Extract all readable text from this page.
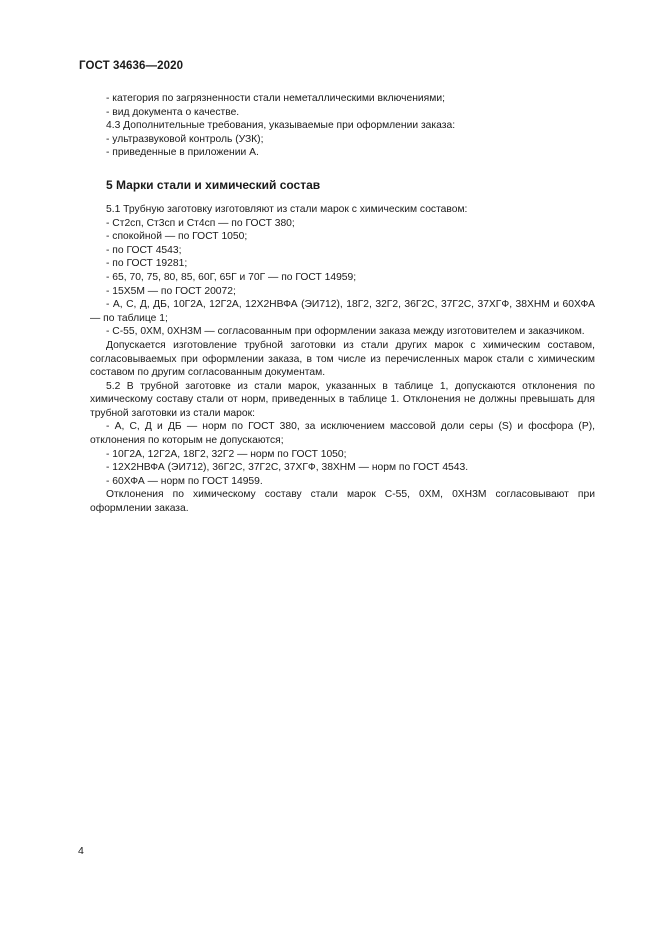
ГОСТ 34636—2020

- категория по загрязненности стали неметаллическими включениями;

- вид документа о качестве.

4.3 Дополнительные требования, указываемые при оформлении заказа:

- ультразвуковой контроль (УЗК);

- приведенные в приложении А.

5 Марки стали и химический состав

5.1 Трубную заготовку изготовляют из стали марок с химическим составом:

- Ст2сп, Ст3сп и Ст4сп — по ГОСТ 380;

- спокойной — по ГОСТ 1050;

- по ГОСТ 4543;

- по ГОСТ 19281;

- 65, 70, 75, 80, 85, 60Г, 65Г и 70Г — по ГОСТ 14959;

- 15Х5М — по ГОСТ 20072;

- А, С, Д, ДБ, 10Г2А, 12Г2А, 12Х2НВФА (ЭИ712), 18Г2, 32Г2, 36Г2С, 37Г2С, 37ХГФ, 38ХНМ и 60ХФА — по таблице 1;

- С-55, 0ХМ, 0ХН3М — согласованным при оформлении заказа между изготовителем и заказчиком.

Допускается изготовление трубной заготовки из стали других марок с химическим составом, согласовываемых при оформлении заказа, в том числе из перечисленных марок стали с химическим составом по другим согласованным документам.

5.2 В трубной заготовке из стали марок, указанных в таблице 1, допускаются отклонения по химическому составу стали от норм, приведенных в таблице 1. Отклонения не должны превышать для трубной заготовки из стали марок:

- А, С, Д и ДБ — норм по ГОСТ 380, за исключением массовой доли серы (S) и фосфора (Р), отклонения по которым не допускаются;

- 10Г2А, 12Г2А, 18Г2, 32Г2 — норм по ГОСТ 1050;

- 12Х2НВФА (ЭИ712), 36Г2С, 37Г2С, 37ХГФ, 38ХНМ — норм по ГОСТ 4543.

- 60ХФА — норм по ГОСТ 14959.

Отклонения по химическому составу стали марок С-55, 0ХМ, 0ХН3М согласовывают при оформлении заказа.

4
